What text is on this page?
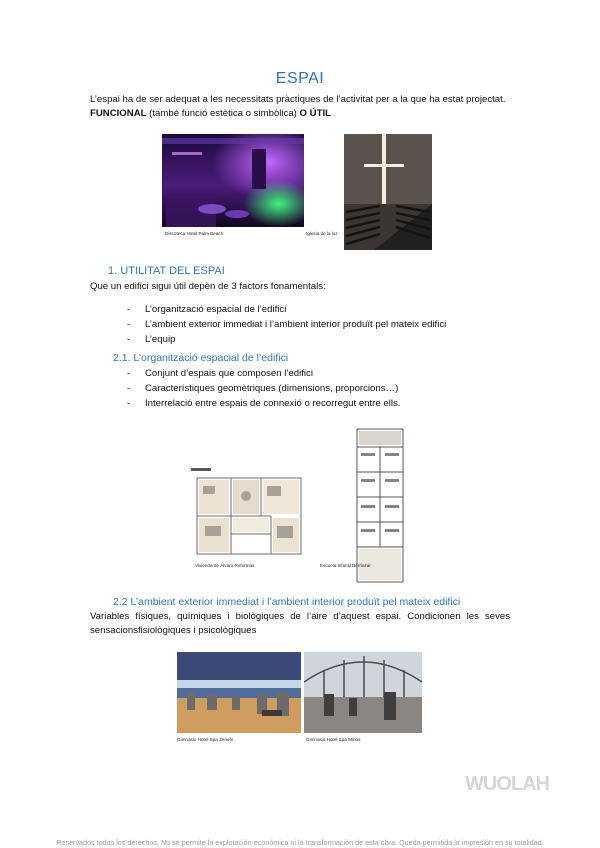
ESPAI
L’espai ha de ser adequat a les necessitats pràctiques de l’activitat per a la que ha estat projectat.
FUNCIONAL (també funció estètica o simbòlica) O ÚTIL
Discoteca Hotel Palm Beach	Iglesia de la luz
1. UTILITAT DEL ESPAI
Que un edifici sigui útil depèn de 3 factors fonamentals:
- L’organització espacial de l’edifici
- L’ambient exterior immediat i l’ambient interior produït pel mateix edifici
- L’equip
2.1. L’organització espacial de l’edifici
- Conjunt d’espais que composen l’edifici
- Característiques geomètriques (dimensions, proporcions…)
- Interrelació entre espais de connexió o recorregut entre ells.
Vivienda de Álvaro Reformas	Escuela infantil Berriozar
2.2 L’ambient exterior immediat i l’ambient interior produït pel mateix edifici
Variables físiques, químiques i biològiques de l’aire d’aquest espai. Condicionen les seves sensacionsfisiològiques i psicològiques
Gimnasio Hotel Spa Zenehi	Gimnasio Hotel Spa Minos
WUOLAH
Reservados todos los derechos. No se permite la explotación económica ni la transformación de esta obra. Queda permitida la impresión en su totalidad.
